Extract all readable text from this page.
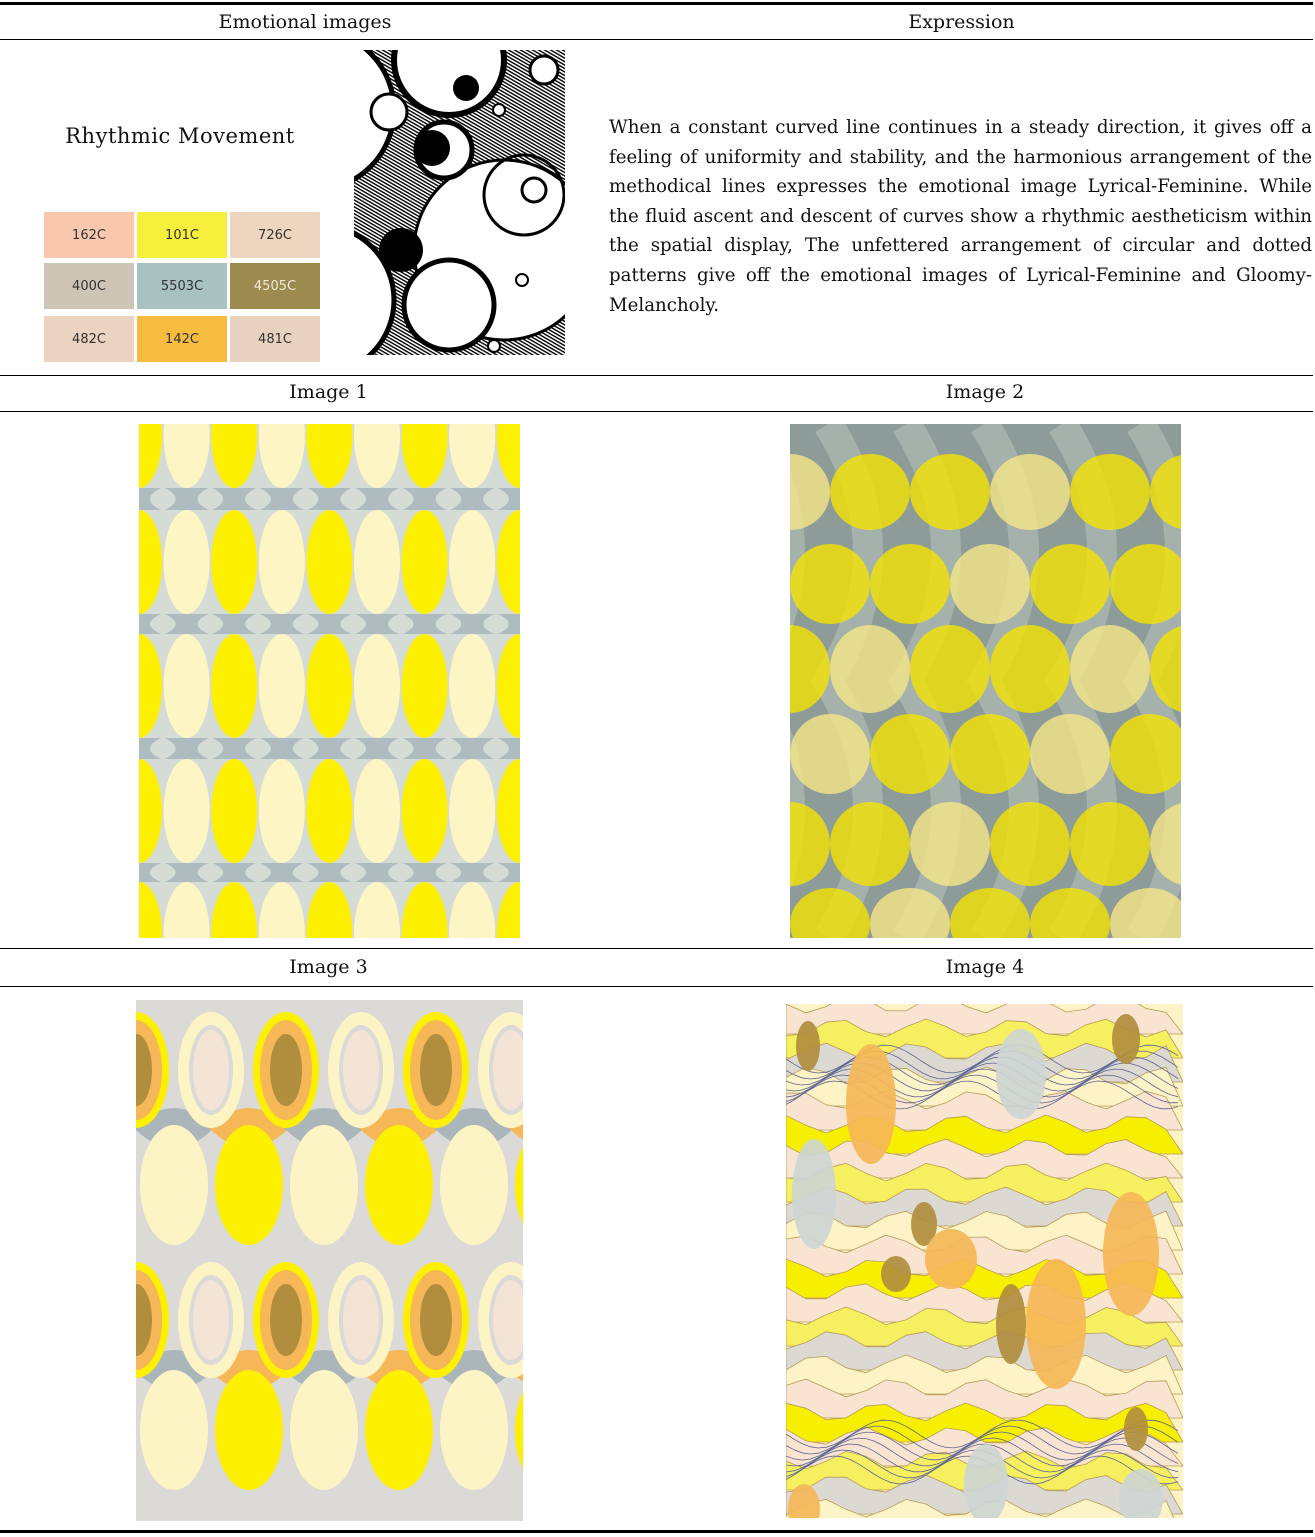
Emotional images	Expression
Rhythmic Movement
162C	101C	726C
400C	5503C	4505C
482C	142C	481C
When a constant curved line continues in a steady direction, it gives off a feeling of uniformity and stability, and the harmonious arrangement of the methodical lines expresses the emotional image Lyrical-Feminine. While the fluid ascent and descent of curves show a rhythmic aestheticism within the spatial display, The unfettered arrangement of circular and dotted patterns give off the emotional images of Lyrical-Feminine and Gloomy-Melancholy.
Image 1	Image 2
Image 3	Image 4
